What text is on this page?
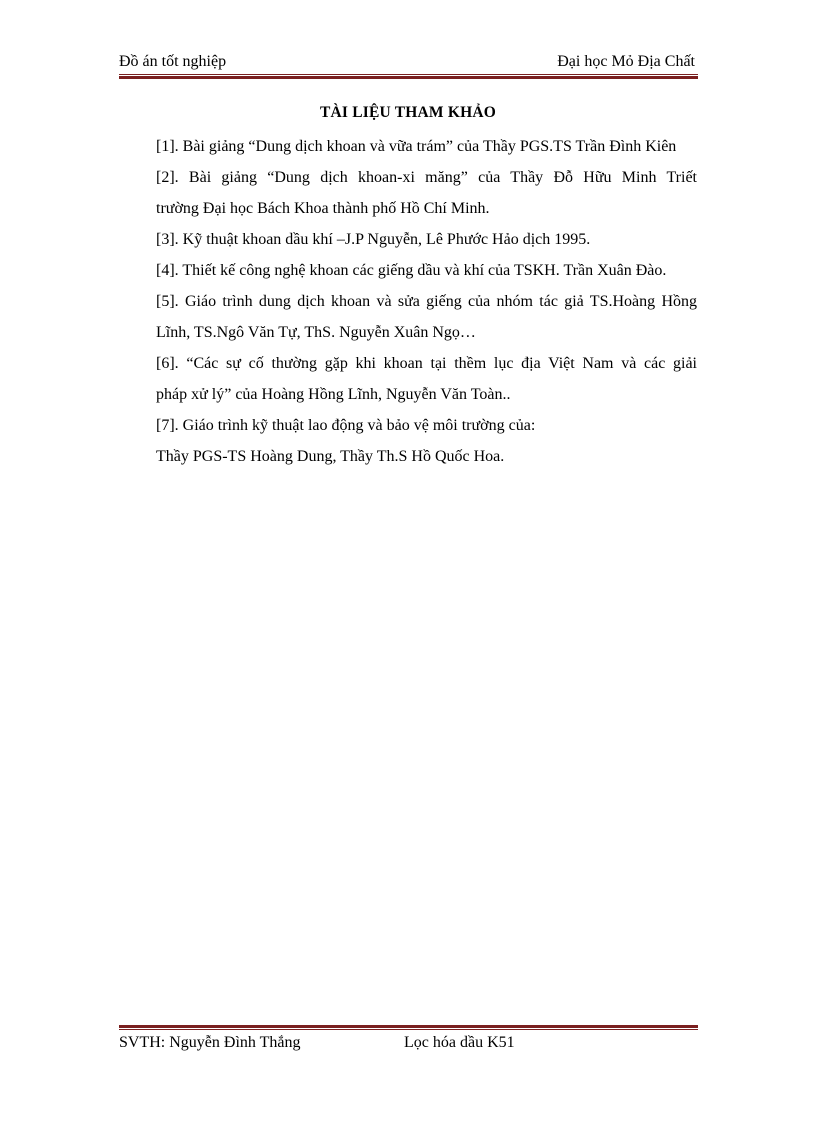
Đồ án tốt nghiệp	Đại học Mỏ Địa Chất
TÀI LIỆU THAM KHẢO

[1]. Bài giảng “Dung dịch khoan và vữa trám” của Thầy PGS.TS Trần Đình Kiên

[2]. Bài giảng “Dung dịch khoan-xi măng” của Thầy Đỗ Hữu Minh Triết
trường Đại học Bách Khoa thành phố Hồ Chí Minh.

[3]. Kỹ thuật khoan dầu khí –J.P Nguyễn, Lê Phước Hảo dịch 1995.

[4]. Thiết kế công nghệ khoan các giếng dầu và khí của TSKH. Trần Xuân Đào.

[5]. Giáo trình dung dịch khoan và sửa giếng của nhóm tác giả TS.Hoàng Hồng
Lĩnh, TS.Ngô Văn Tự, ThS. Nguyễn Xuân Ngọ…

[6]. “Các sự cố thường gặp khi khoan tại thềm lục địa Việt Nam và các giải
pháp xử lý” của Hoàng Hồng Lĩnh, Nguyễn Văn Toàn..

[7]. Giáo trình kỹ thuật lao động và bảo vệ môi trường của:

Thầy PGS-TS Hoàng Dung, Thầy Th.S Hồ Quốc Hoa.

SVTH: Nguyễn Đình Thắng	Lọc hóa dầu K51
